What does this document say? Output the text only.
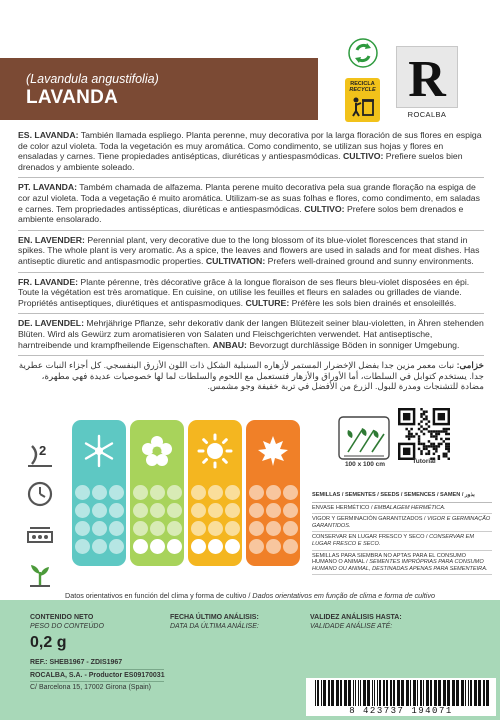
(Lavandula angustifolia)
LAVANDA
RECICLA
RECYCLE R
ROCALBA

ES. LAVANDA: También llamada espliego. Planta perenne, muy decorativa por la larga floración de sus flores en espiga de color azul violeta. Toda la vegetación es muy aromática. Como condimento, se utilizan sus hojas y flores en ensaladas y carnes. Tiene propiedades antisépticas, diuréticas y antiespasmódicas. CULTIVO: Prefiere suelos bien drenados y ambiente soleado.

PT. LAVANDA: Também chamada de alfazema. Planta perene muito decorativa pela sua grande floração na espiga de cor azul violeta. Toda a vegetação é muito aromática. Utilizam-se as suas folhas e flores, como condimento, em saladas e carnes. Tem propriedades antissépticas, diuréticas e antiespasmódicas. CULTIVO: Prefere solos bem drenados e ambiente ensolarado.

EN. LAVENDER: Perennial plant, very decorative due to the long blossom of its blue-violet florescences that stand in spikes. The whole plant is very aromatic. As a spice, the leaves and flowers are used in salads and for meat dishes. Has antiseptic diuretic and antispasmodic properties. CULTIVATION: Prefers well-drained ground and sunny environments.

FR. LAVANDE: Plante pérenne, très décorative grâce à la longue floraison de ses fleurs bleu-violet disposées en épi. Toute la végétation est très aromatique. En cuisine, on utilise les feuilles et fleurs en salades ou grillades de viande. Propriétés antiseptiques, diurétiques et antispasmodiques. CULTURE: Préfère les sols bien drainés et ensoleillés.

DE. LAVENDEL: Mehrjährige Pflanze, sehr dekorativ dank der langen Blütezeit seiner blau-violetten, in Ähren stehenden Blüten. Wird als Gewürz zum aromatisieren von Salaten und Fleischgerichten verwendet. Hat antiseptische, harntreibende und krampfheilende Eigenschaften. ANBAU: Bevorzugt durchlässige Böden in sonniger Umgebung.

خزامى: نبات معمر مزين جدا بفضل الإخضرار المستمر لأزهاره السنبلية الشكل ذات اللون الأزرق البنفسجي. كل أجزاء النبات عطرية جدا. يستخدم كتوابل في السلطات، أما الأوراق والأزهار فتستعمل مع اللحوم والسلطات لما لها خصوصيات عديدة فهي مطهرة، مضادة للتشنجات ومدرة للبول. الزرع من الأفضل في تربة خفيفة وجو مشمس.

2
100 x 100 cm	Tutorial
SEMILLAS / SEMENTES / SEEDS / SEMENCES / SAMEN / بذور
ENVASE HERMÉTICO / EMBALAGEM HERMÉTICA.
VIGOR Y GERMINACIÓN GARANTIZADOS / VIGOR E GERMINAÇÃO GARANTIDOS.
CONSERVAR EN LUGAR FRESCO Y SECO / CONSERVAR EM LUGAR FRESCO E SECO.
SEMILLAS PARA SIEMBRA NO APTAS PARA EL CONSUMO HUMANO O ANIMAL / SEMENTES IMPRÓPRIAS PARA CONSUMO HUMANO OU ANIMAL, DESTINADAS APENAS PARA SEMENTEIRA.
Datos orientativos en función del clima y forma de cultivo / Dados orientativos em função de clima e forma de cultivo
CONTENIDO NETO
PESO DO CONTEÚDO
0,2 g
REF.: SHEB1967 - ZDIS1967
ROCALBA, S.A. - Productor ES09170031
C/ Barcelona 15, 17002 Girona (Spain)
FECHA ÚLTIMO ANÁLISIS:
DATA DA ÚLTIMA ANÁLISE:
VALIDEZ ANÁLISIS HASTA:
VALIDADE ANÁLISE ATÉ:
8 423737 194071
